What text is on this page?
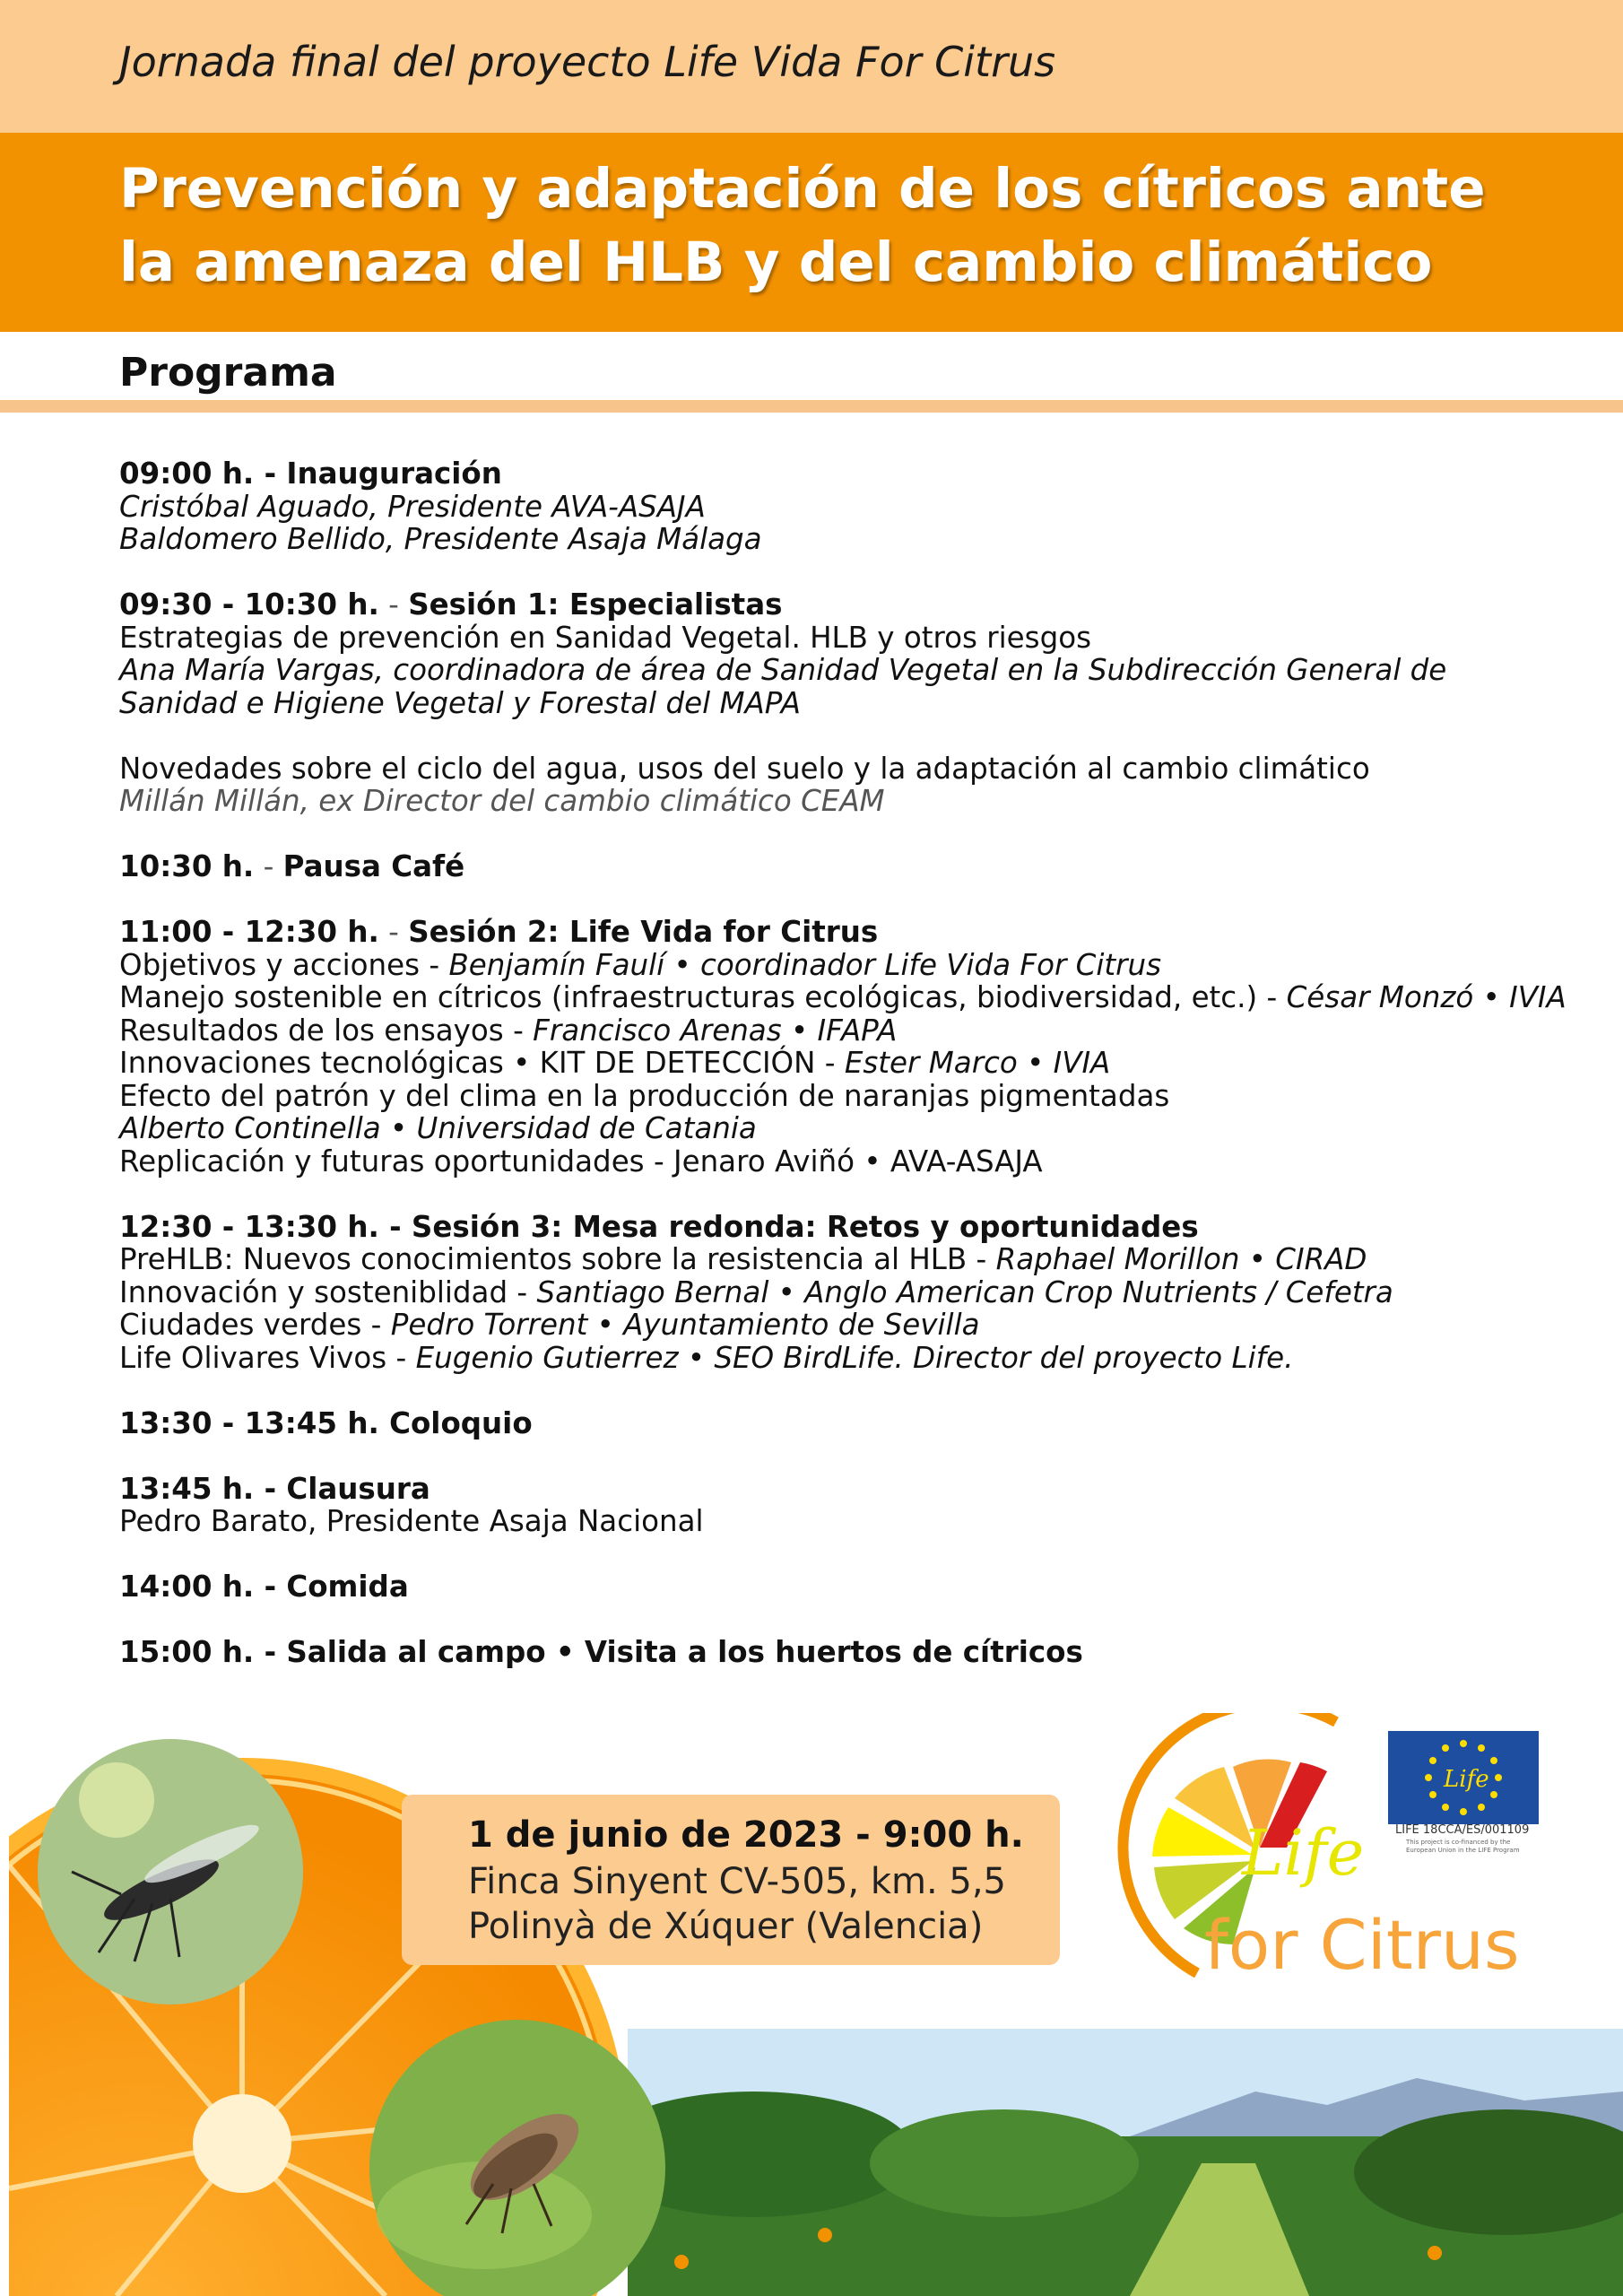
Jornada final del proyecto Life Vida For Citrus
Prevención y adaptación de los cítricos ante
la amenaza del HLB y del cambio climático
Programa
09:00 h. - Inauguración
Cristóbal Aguado, Presidente AVA-ASAJA
Baldomero Bellido, Presidente Asaja Málaga
09:30 - 10:30 h. - Sesión 1: Especialistas
Estrategias de prevención en Sanidad Vegetal. HLB y otros riesgos
Ana María Vargas, coordinadora de área de Sanidad Vegetal en la Subdirección General de
Sanidad e Higiene Vegetal y Forestal del MAPA
Novedades sobre el ciclo del agua, usos del suelo y la adaptación al cambio climático
Millán Millán, ex Director del cambio climático CEAM
10:30 h. - Pausa Café
11:00 - 12:30 h. - Sesión 2: Life Vida for Citrus
Objetivos y acciones - Benjamín Faulí • coordinador Life Vida For Citrus
Manejo sostenible en cítricos (infraestructuras ecológicas, biodiversidad, etc.) - César Monzó • IVIA
Resultados de los ensayos - Francisco Arenas • IFAPA
Innovaciones tecnológicas • KIT DE DETECCIÓN - Ester Marco • IVIA
Efecto del patrón y del clima en la producción de naranjas pigmentadas
Alberto Continella • Universidad de Catania
Replicación y futuras oportunidades - Jenaro Aviñó • AVA-ASAJA
12:30 - 13:30 h. - Sesión 3: Mesa redonda: Retos y oportunidades
PreHLB: Nuevos conocimientos sobre la resistencia al HLB - Raphael Morillon • CIRAD
Innovación y sosteniblidad - Santiago Bernal • Anglo American Crop Nutrients / Cefetra
Ciudades verdes - Pedro Torrent • Ayuntamiento de Sevilla
Life Olivares Vivos - Eugenio Gutierrez • SEO BirdLife. Director del proyecto Life.
13:30 - 13:45 h. Coloquio
13:45 h. - Clausura
Pedro Barato, Presidente Asaja Nacional
14:00 h. - Comida
15:00 h. - Salida al campo • Visita a los huertos de cítricos
1 de junio de 2023 - 9:00 h.
Finca Sinyent CV-505, km. 5,5
Polinyà de Xúquer (Valencia)
Life
for Citrus
Life
LIFE 18CCA/ES/001109
This project is co-financed by the European Union in the LIFE Program
